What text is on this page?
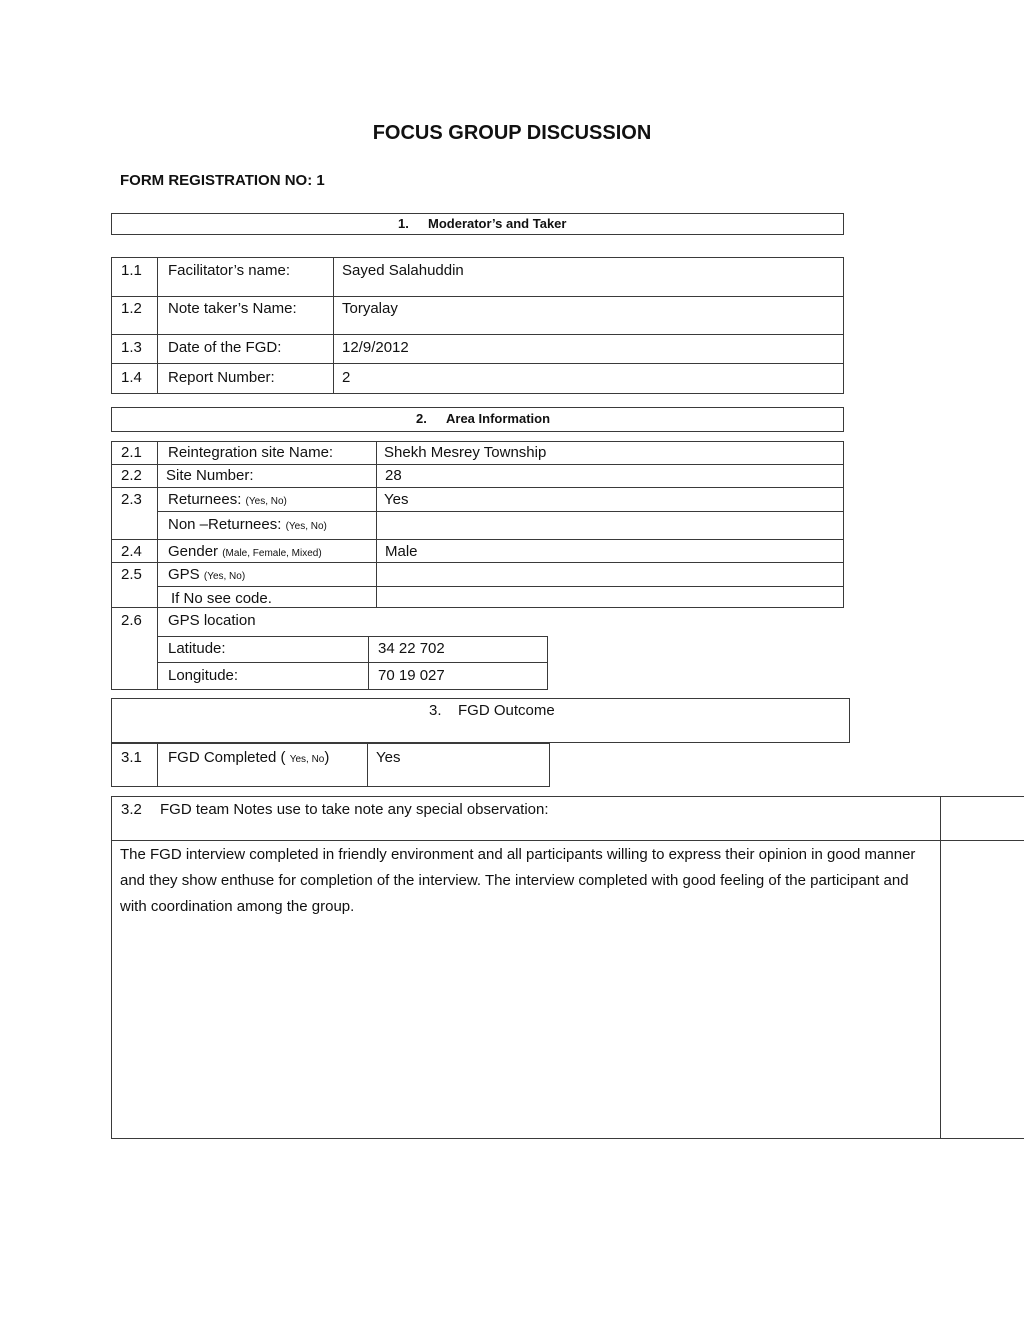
FOCUS GROUP DISCUSSION
FORM REGISTRATION NO: 1
1. Moderator’s and Taker
1.1 Facilitator’s name:	Sayed Salahuddin
1.2 Note taker’s Name:	Toryalay
1.3 Date of the FGD:	12/9/2012
1.4 Report Number:	2
2. Area Information
2.1 Reintegration site Name:	Shekh Mesrey Township
2.2 Site Number:	28
2.3 Returnees: (Yes, No)	Yes
Non –Returnees: (Yes, No)
2.4 Gender (Male, Female, Mixed)	Male
2.5 GPS (Yes, No)
If No see code.
2.6 GPS location
Latitude:	34 22 702
Longitude:	70 19 027
3. FGD Outcome
3.1 FGD Completed ( Yes, No)	Yes
3.2 FGD team Notes use to take note any special observation:
The FGD interview completed in friendly environment and all participants willing to express their opinion in good manner and they show enthuse for completion of the interview. The interview completed with good feeling of the participant and with coordination among the group.
